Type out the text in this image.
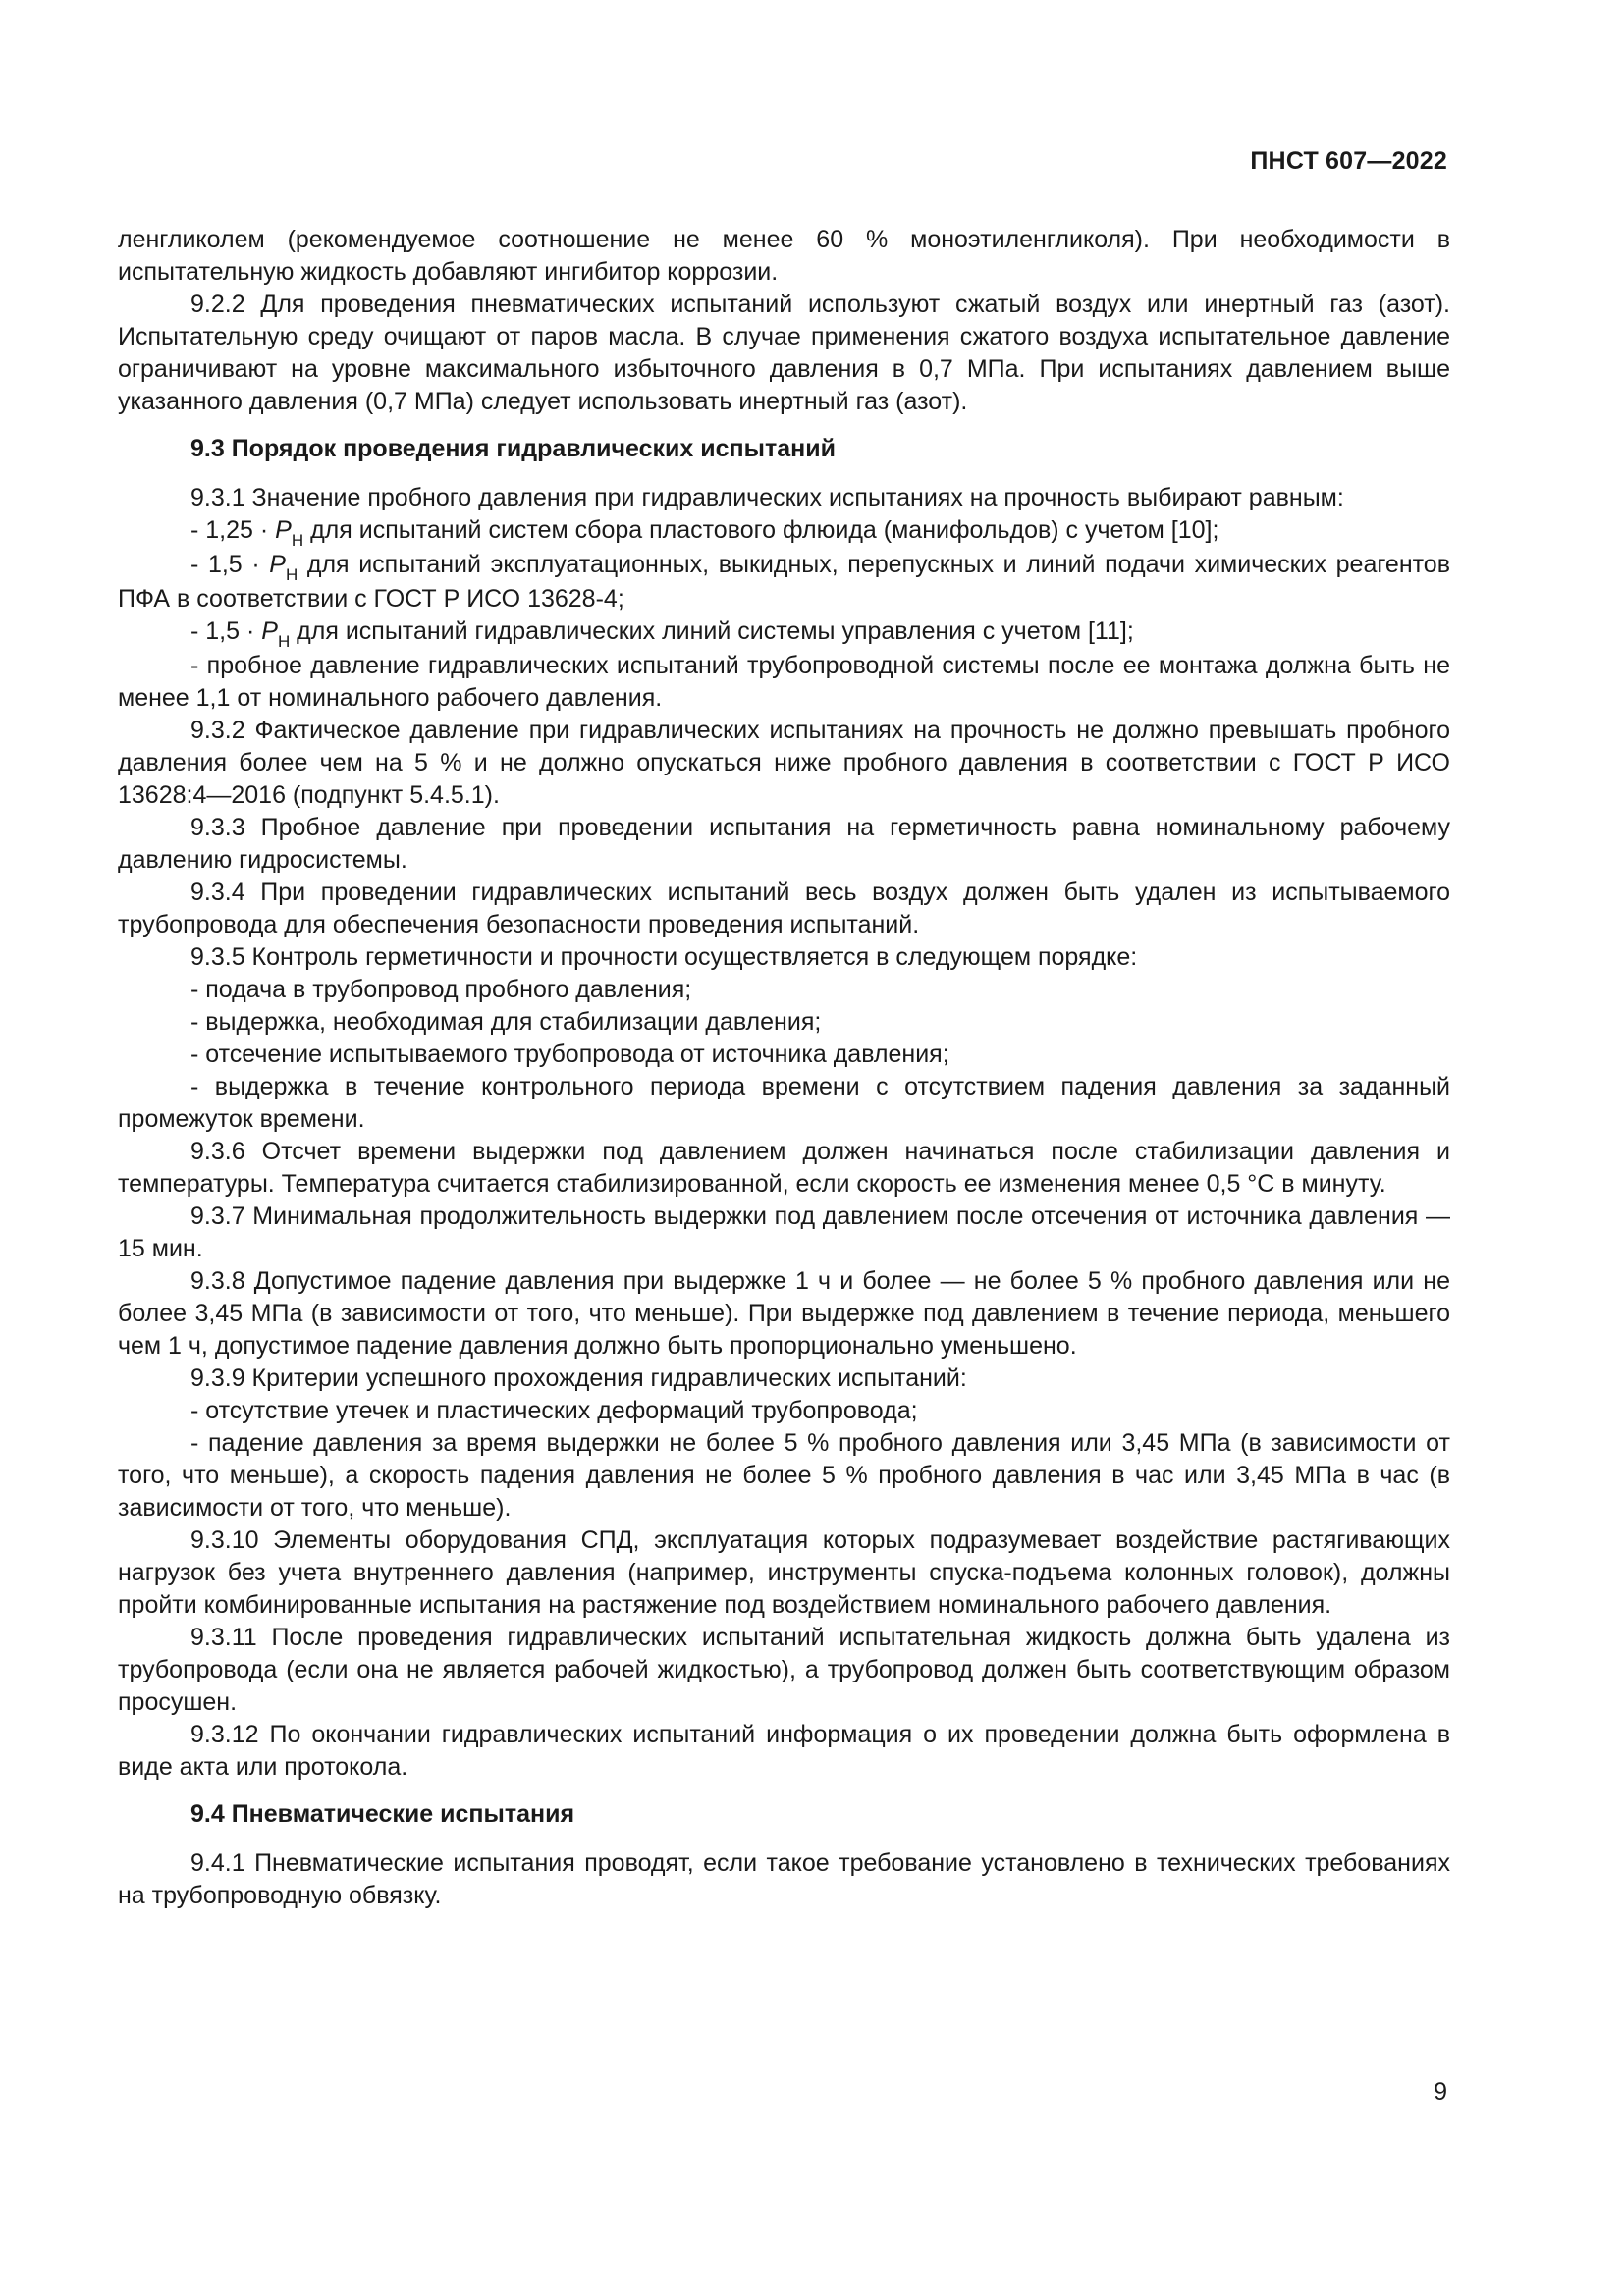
ПНСТ 607—2022

ленгликолем (рекомендуемое соотношение не менее 60 % моноэтиленгликоля). При необходимости в испытательную жидкость добавляют ингибитор коррозии.

9.2.2 Для проведения пневматических испытаний используют сжатый воздух или инертный газ (азот). Испытательную среду очищают от паров масла. В случае применения сжатого воздуха испытательное давление ограничивают на уровне максимального избыточного давления в 0,7 МПа. При испытаниях давлением выше указанного давления (0,7 МПа) следует использовать инертный газ (азот).

9.3 Порядок проведения гидравлических испытаний

9.3.1 Значение пробного давления при гидравлических испытаниях на прочность выбирают равным:

- $1,25 \cdot P_Н$ для испытаний систем сбора пластового флюида (манифольдов) с учетом [10];

- $1,5 \cdot P_Н$ для испытаний эксплуатационных, выкидных, перепускных и линий подачи химических реагентов ПФА в соответствии с ГОСТ Р ИСО 13628-4;

- $1,5 \cdot P_Н$ для испытаний гидравлических линий системы управления с учетом [11];

- пробное давление гидравлических испытаний трубопроводной системы после ее монтажа должна быть не менее 1,1 от номинального рабочего давления.

9.3.2 Фактическое давление при гидравлических испытаниях на прочность не должно превышать пробного давления более чем на 5 % и не должно опускаться ниже пробного давления в соответствии с ГОСТ Р ИСО 13628:4—2016 (подпункт 5.4.5.1).

9.3.3 Пробное давление при проведении испытания на герметичность равна номинальному рабочему давлению гидросистемы.

9.3.4 При проведении гидравлических испытаний весь воздух должен быть удален из испытываемого трубопровода для обеспечения безопасности проведения испытаний.

9.3.5 Контроль герметичности и прочности осуществляется в следующем порядке:

- подача в трубопровод пробного давления;

- выдержка, необходимая для стабилизации давления;

- отсечение испытываемого трубопровода от источника давления;

- выдержка в течение контрольного периода времени с отсутствием падения давления за заданный промежуток времени.

9.3.6 Отсчет времени выдержки под давлением должен начинаться после стабилизации давления и температуры. Температура считается стабилизированной, если скорость ее изменения менее 0,5 °С в минуту.

9.3.7 Минимальная продолжительность выдержки под давлением после отсечения от источника давления — 15 мин.

9.3.8 Допустимое падение давления при выдержке 1 ч и более — не более 5 % пробного давления или не более 3,45 МПа (в зависимости от того, что меньше). При выдержке под давлением в течение периода, меньшего чем 1 ч, допустимое падение давления должно быть пропорционально уменьшено.

9.3.9 Критерии успешного прохождения гидравлических испытаний:

- отсутствие утечек и пластических деформаций трубопровода;

- падение давления за время выдержки не более 5 % пробного давления или 3,45 МПа (в зависимости от того, что меньше), а скорость падения давления не более 5 % пробного давления в час или 3,45 МПа в час (в зависимости от того, что меньше).

9.3.10 Элементы оборудования СПД, эксплуатация которых подразумевает воздействие растягивающих нагрузок без учета внутреннего давления (например, инструменты спуска-подъема колонных головок), должны пройти комбинированные испытания на растяжение под воздействием номинального рабочего давления.

9.3.11 После проведения гидравлических испытаний испытательная жидкость должна быть удалена из трубопровода (если она не является рабочей жидкостью), а трубопровод должен быть соответствующим образом просушен.

9.3.12 По окончании гидравлических испытаний информация о их проведении должна быть оформлена в виде акта или протокола.

9.4 Пневматические испытания

9.4.1 Пневматические испытания проводят, если такое требование установлено в технических требованиях на трубопроводную обвязку.

9
